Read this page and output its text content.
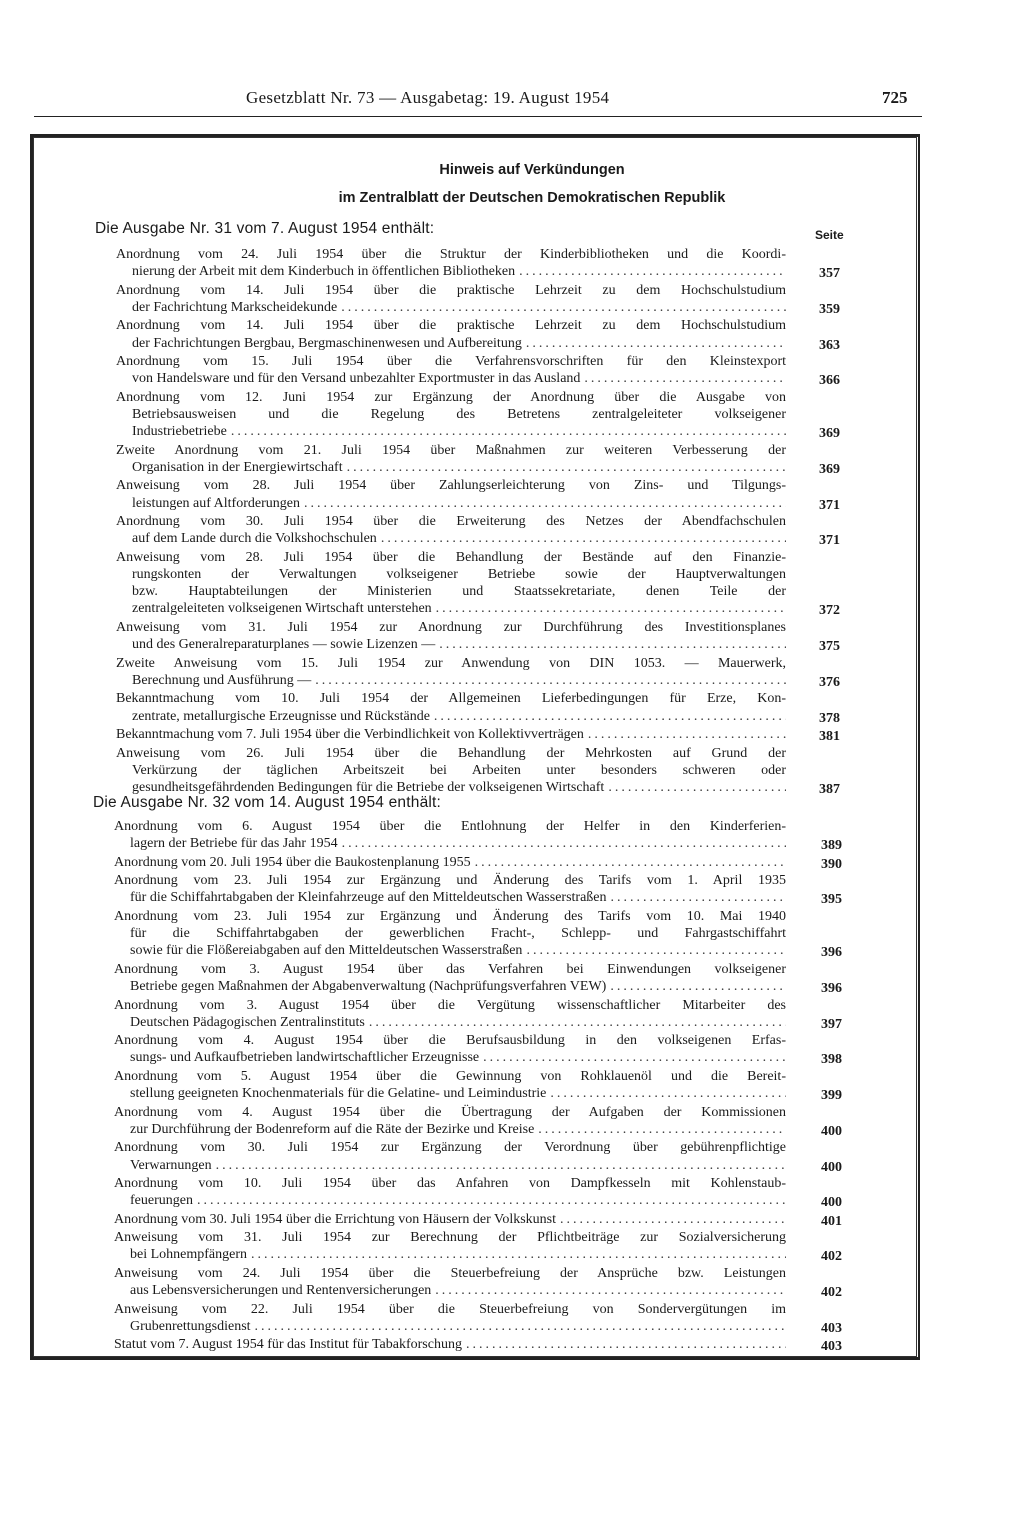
Gesetzblatt Nr. 73 — Ausgabetag: 19. August 1954	725
Hinweis auf Verkündungen
im Zentralblatt der Deutschen Demokratischen Republik
Seite
Die Ausgabe Nr. 31 vom 7. August 1954 enthält:
Anordnung vom 24. Juli 1954 über die Struktur der Kinderbibliotheken und die Koordi-
nierung der Arbeit mit dem Kinderbuch in öffentlichen Bibliotheken .....	357
Anordnung vom 14. Juli 1954 über die praktische Lehrzeit zu dem Hochschulstudium
der Fachrichtung Markscheidekunde .....	359
Anordnung vom 14. Juli 1954 über die praktische Lehrzeit zu dem Hochschulstudium
der Fachrichtungen Bergbau, Bergmaschinenwesen und Aufbereitung .....	363
Anordnung vom 15. Juli 1954 über die Verfahrensvorschriften für den Kleinstexport
von Handelsware und für den Versand unbezahlter Exportmuster in das Ausland .....	366
Anordnung vom 12. Juni 1954 zur Ergänzung der Anordnung über die Ausgabe von
Betriebsausweisen und die Regelung des Betretens zentralgeleiteter volkseigener
Industriebetriebe .....	369
Zweite Anordnung vom 21. Juli 1954 über Maßnahmen zur weiteren Verbesserung der
Organisation in der Energiewirtschaft .....	369
Anweisung vom 28. Juli 1954 über Zahlungserleichterung von Zins- und Tilgungs-
leistungen auf Altforderungen .....	371
Anordnung vom 30. Juli 1954 über die Erweiterung des Netzes der Abendfachschulen
auf dem Lande durch die Volkshochschulen .....	371
Anweisung vom 28. Juli 1954 über die Behandlung der Bestände auf den Finanzie-
rungskonten der Verwaltungen volkseigener Betriebe sowie der Hauptverwaltungen
bzw. Hauptabteilungen der Ministerien und Staatssekretariate, denen Teile der
zentralgeleiteten volkseigenen Wirtschaft unterstehen .....	372
Anweisung vom 31. Juli 1954 zur Anordnung zur Durchführung des Investitionsplanes
und des Generalreparaturplanes — sowie Lizenzen — .....	375
Zweite Anweisung vom 15. Juli 1954 zur Anwendung von DIN 1053. — Mauerwerk,
Berechnung und Ausführung — .....	376
Bekanntmachung vom 10. Juli 1954 der Allgemeinen Lieferbedingungen für Erze, Kon-
zentrate, metallurgische Erzeugnisse und Rückstände .....	378
Bekanntmachung vom 7. Juli 1954 über die Verbindlichkeit von Kollektivverträgen .....	381
Anweisung vom 26. Juli 1954 über die Behandlung der Mehrkosten auf Grund der
Verkürzung der täglichen Arbeitszeit bei Arbeiten unter besonders schweren oder
gesundheitsgefährdenden Bedingungen für die Betriebe der volkseigenen Wirtschaft .....	387
Die Ausgabe Nr. 32 vom 14. August 1954 enthält:
Anordnung vom 6. August 1954 über die Entlohnung der Helfer in den Kinderferien-
lagern der Betriebe für das Jahr 1954 .....	389
Anordnung vom 20. Juli 1954 über die Baukostenplanung 1955 .....	390
Anordnung vom 23. Juli 1954 zur Ergänzung und Änderung des Tarifs vom 1. April 1935
für die Schiffahrtabgaben der Kleinfahrzeuge auf den Mitteldeutschen Wasserstraßen .....	395
Anordnung vom 23. Juli 1954 zur Ergänzung und Änderung des Tarifs vom 10. Mai 1940
für die Schiffahrtabgaben der gewerblichen Fracht-, Schlepp- und Fahrgastschiffahrt
sowie für die Flößereiabgaben auf den Mitteldeutschen Wasserstraßen .....	396
Anordnung vom 3. August 1954 über das Verfahren bei Einwendungen volkseigener
Betriebe gegen Maßnahmen der Abgabenverwaltung (Nachprüfungsverfahren VEW) .....	396
Anordnung vom 3. August 1954 über die Vergütung wissenschaftlicher Mitarbeiter des
Deutschen Pädagogischen Zentralinstituts .....	397
Anordnung vom 4. August 1954 über die Berufsausbildung in den volkseigenen Erfas-
sungs- und Aufkaufbetrieben landwirtschaftlicher Erzeugnisse .....	398
Anordnung vom 5. August 1954 über die Gewinnung von Rohklauenöl und die Bereit-
stellung geeigneten Knochenmaterials für die Gelatine- und Leimindustrie .....	399
Anordnung vom 4. August 1954 über die Übertragung der Aufgaben der Kommissionen
zur Durchführung der Bodenreform auf die Räte der Bezirke und Kreise .....	400
Anordnung vom 30. Juli 1954 zur Ergänzung der Verordnung über gebührenpflichtige
Verwarnungen .....	400
Anordnung vom 10. Juli 1954 über das Anfahren von Dampfkesseln mit Kohlenstaub-
feuerungen .....	400
Anordnung vom 30. Juli 1954 über die Errichtung von Häusern der Volkskunst .....	401
Anweisung vom 31. Juli 1954 zur Berechnung der Pflichtbeiträge zur Sozialversicherung
bei Lohnempfängern .....	402
Anweisung vom 24. Juli 1954 über die Steuerbefreiung der Ansprüche bzw. Leistungen
aus Lebensversicherungen und Rentenversicherungen .....	402
Anweisung vom 22. Juli 1954 über die Steuerbefreiung von Sondervergütungen im
Grubenrettungsdienst .....	403
Statut vom 7. August 1954 für das Institut für Tabakforschung .....	403
